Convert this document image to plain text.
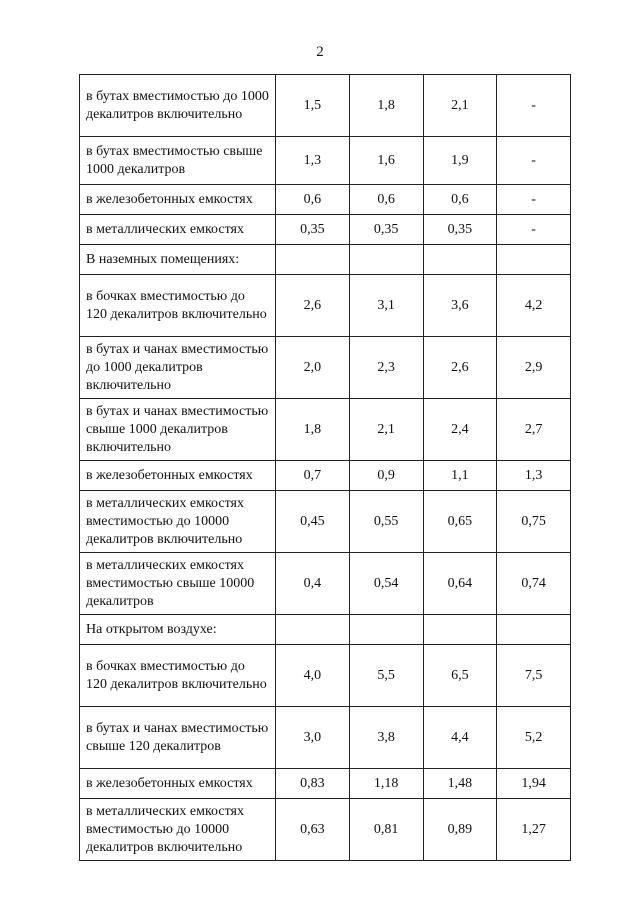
2
в бутах вместимостью до 1000 декалитров включительно	1,5	1,8	2,1	-
в бутах вместимостью свыше 1000 декалитров	1,3	1,6	1,9	-
в железобетонных емкостях	0,6	0,6	0,6	-
в металлических емкостях	0,35	0,35	0,35	-
В наземных помещениях:				
в бочках вместимостью до 120 декалитров включительно	2,6	3,1	3,6	4,2
в бутах и чанах вместимостью до 1000 декалитров включительно	2,0	2,3	2,6	2,9
в бутах и чанах вместимостью свыше 1000 декалитров включительно	1,8	2,1	2,4	2,7
в железобетонных емкостях	0,7	0,9	1,1	1,3
в металлических емкостях вместимостью до 10000 декалитров включительно	0,45	0,55	0,65	0,75
в металлических емкостях вместимостью свыше 10000 декалитров	0,4	0,54	0,64	0,74
На открытом воздухе:				
в бочках вместимостью до 120 декалитров включительно	4,0	5,5	6,5	7,5
в бутах и чанах вместимостью свыше 120 декалитров	3,0	3,8	4,4	5,2
в железобетонных емкостях	0,83	1,18	1,48	1,94
в металлических емкостях вместимостью до 10000 декалитров включительно	0,63	0,81	0,89	1,27
